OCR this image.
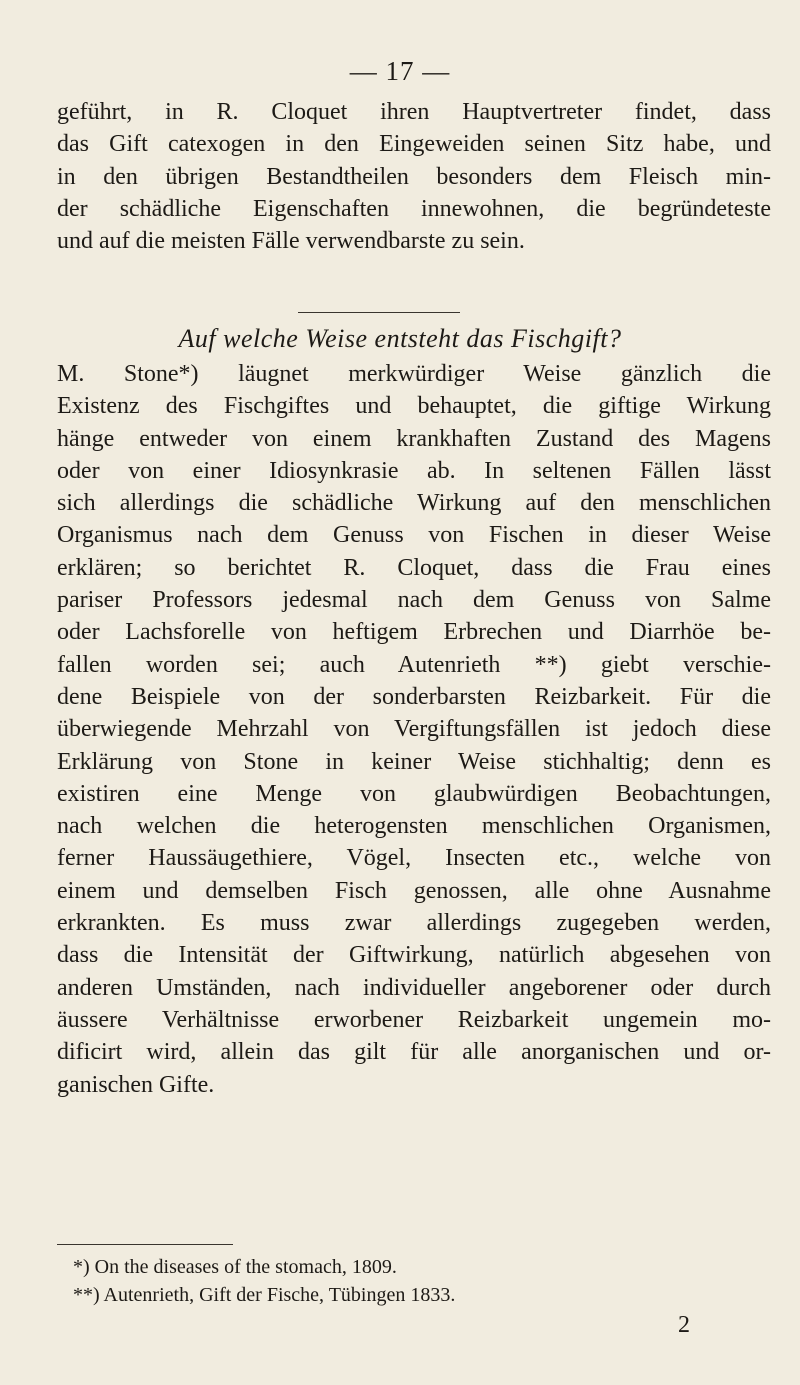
— 17 —
geführt, in R. Cloquet ihren Hauptvertreter findet, dass
das Gift catexogen in den Eingeweiden seinen Sitz habe, und
in den übrigen Bestandtheilen besonders dem Fleisch min-
der schädliche Eigenschaften innewohnen, die begründeteste
und auf die meisten Fälle verwendbarste zu sein.
Auf welche Weise entsteht das Fischgift?
M. Stone*) läugnet merkwürdiger Weise gänzlich die
Existenz des Fischgiftes und behauptet, die giftige Wirkung
hänge entweder von einem krankhaften Zustand des Magens
oder von einer Idiosynkrasie ab. In seltenen Fällen lässt
sich allerdings die schädliche Wirkung auf den menschlichen
Organismus nach dem Genuss von Fischen in dieser Weise
erklären; so berichtet R. Cloquet, dass die Frau eines
pariser Professors jedesmal nach dem Genuss von Salme
oder Lachsforelle von heftigem Erbrechen und Diarrhöe be-
fallen worden sei; auch Autenrieth **) giebt verschie-
dene Beispiele von der sonderbarsten Reizbarkeit. Für die
überwiegende Mehrzahl von Vergiftungsfällen ist jedoch diese
Erklärung von Stone in keiner Weise stichhaltig; denn es
existiren eine Menge von glaubwürdigen Beobachtungen,
nach welchen die heterogensten menschlichen Organismen,
ferner Haussäugethiere, Vögel, Insecten etc., welche von
einem und demselben Fisch genossen, alle ohne Ausnahme
erkrankten. Es muss zwar allerdings zugegeben werden,
dass die Intensität der Giftwirkung, natürlich abgesehen von
anderen Umständen, nach individueller angeborener oder durch
äussere Verhältnisse erworbener Reizbarkeit ungemein mo-
dificirt wird, allein das gilt für alle anorganischen und or-
ganischen Gifte.
*) On the diseases of the stomach, 1809.
**) Autenrieth, Gift der Fische, Tübingen 1833.
2
